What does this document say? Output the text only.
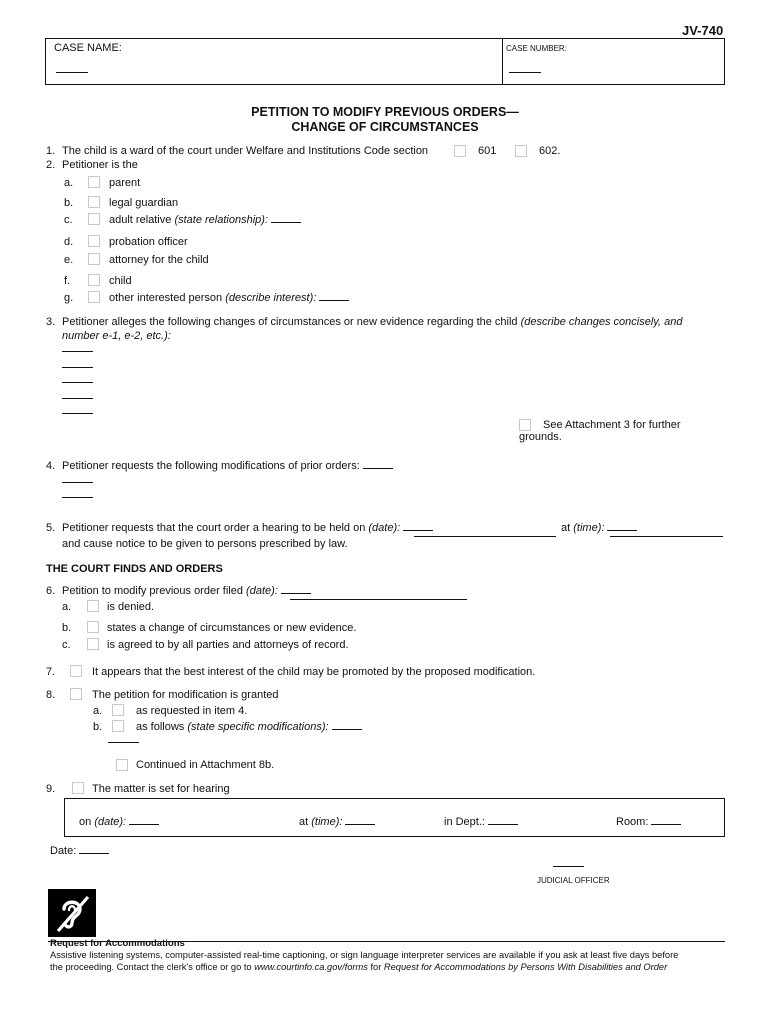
JV-740
CASE NAME:	CASE NUMBER:
PETITION TO MODIFY PREVIOUS ORDERS—
CHANGE OF CIRCUMSTANCES
1. The child is a ward of the court under Welfare and Institutions Code section	601	602.
2. Petitioner is the
a.	parent
b.	legal guardian
c.	adult relative (state relationship):
d.	probation officer
e.	attorney for the child
f.	child
g.	other interested person (describe interest):
3. Petitioner alleges the following changes of circumstances or new evidence regarding the child (describe changes concisely, and
number e-1, e-2, etc.):
See Attachment 3 for further
grounds.
4. Petitioner requests the following modifications of prior orders:
5. Petitioner requests that the court order a hearing to be held on (date):	at (time):
and cause notice to be given to persons prescribed by law.
THE COURT FINDS AND ORDERS
6. Petition to modify previous order filed (date):
a.	is denied.
b.	states a change of circumstances or new evidence.
c.	is agreed to by all parties and attorneys of record.
7.	It appears that the best interest of the child may be promoted by the proposed modification.
8.	The petition for modification is granted
a.	as requested in item 4.
b.	as follows (state specific modifications):
Continued in Attachment 8b.
9.	The matter is set for hearing
on (date):	at (time):	in Dept.:	Room:
Date:
JUDICIAL OFFICER
Request for Accommodations
Assistive listening systems, computer-assisted real-time captioning, or sign language interpreter services are available if you ask at least five days before
the proceeding. Contact the clerk's office or go to www.courtinfo.ca.gov/forms for Request for Accommodations by Persons With Disabilities and Order
